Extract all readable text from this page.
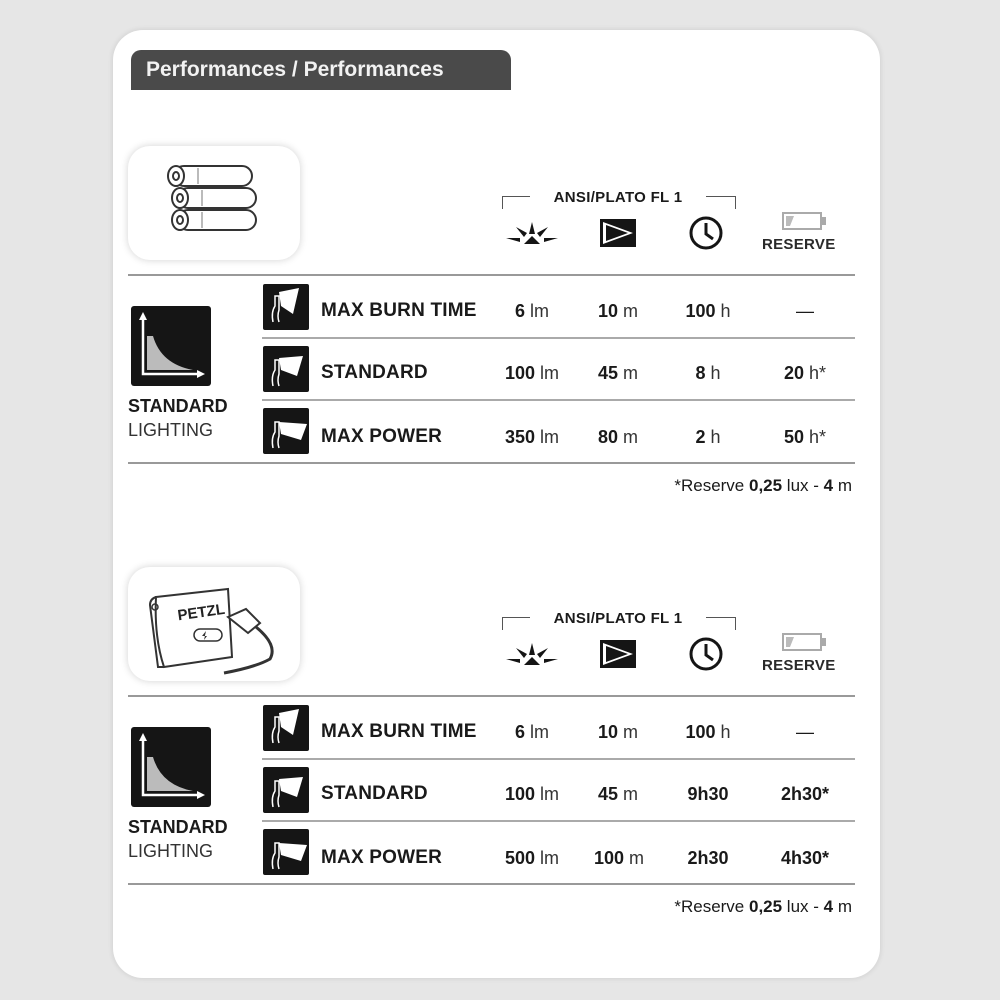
Performances / Performances
ANSI/PLATO FL 1
RESERVE
STANDARD
LIGHTING
MAX BURN TIME	6 lm	10 m	100 h	—
STANDARD	100 lm	45 m	8 h	20 h*
MAX POWER	350 lm	80 m	2 h	50 h*
*Reserve 0,25 lux - 4 m
PETZL	ANSI/PLATO FL 1
RESERVE
STANDARD
LIGHTING
MAX BURN TIME	6 lm	10 m	100 h	—
STANDARD	100 lm	45 m	9h30	2h30*
MAX POWER	500 lm	100 m	2h30	4h30*
*Reserve 0,25 lux - 4 m
